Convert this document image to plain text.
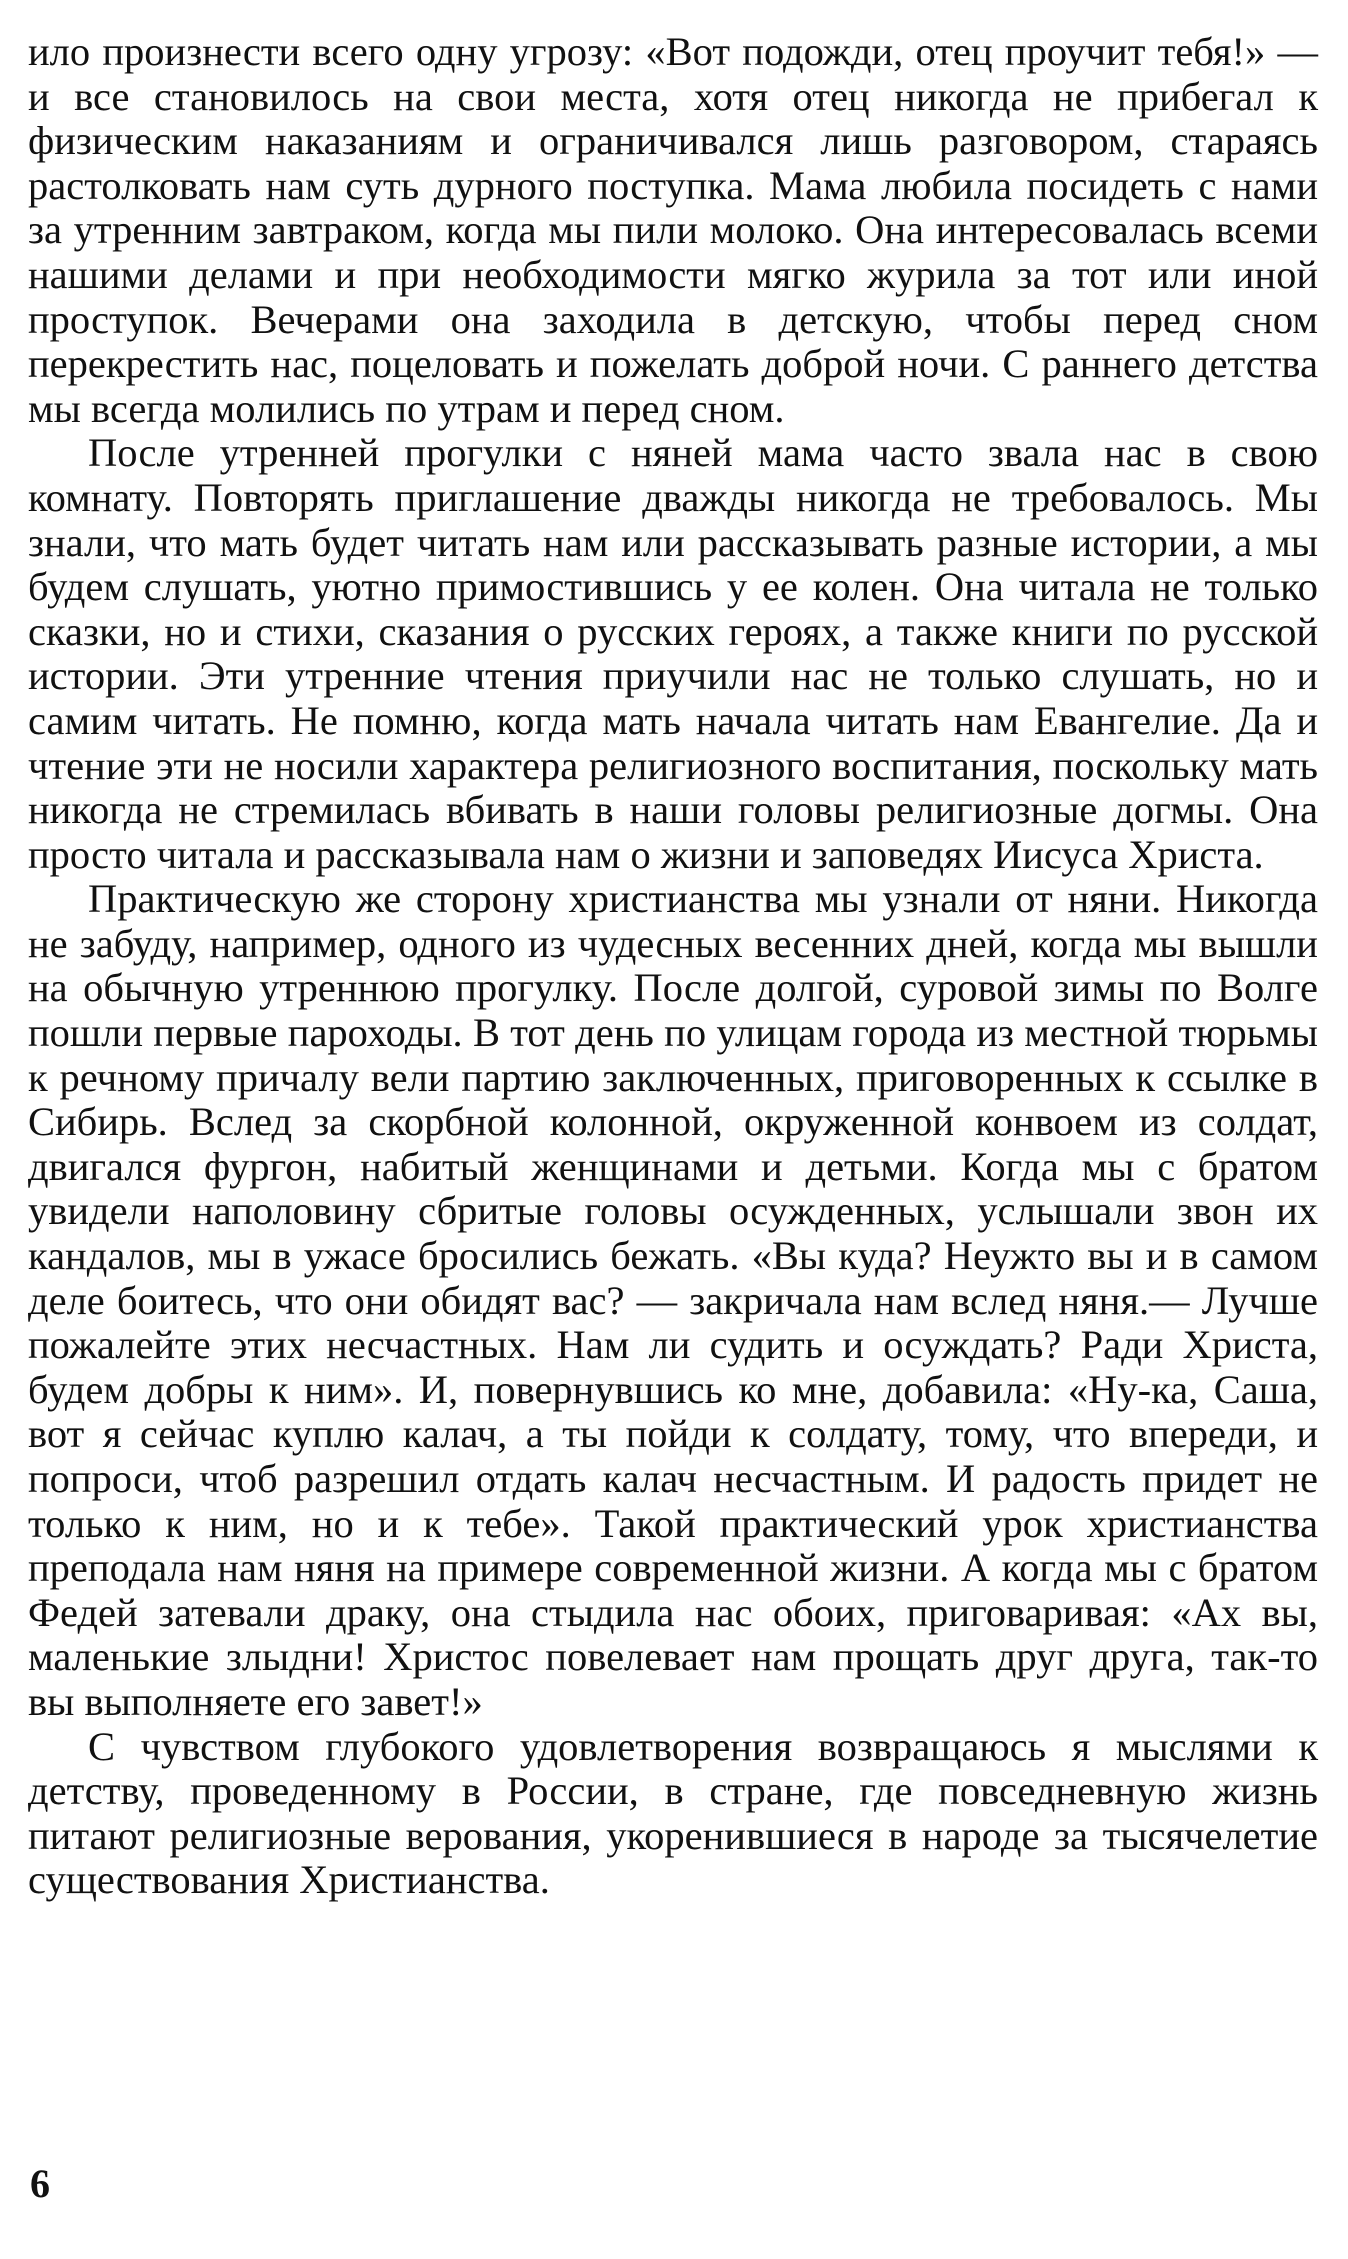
ило произнести всего одну угрозу: «Вот подожди, отец проучит тебя!» — и все становилось на свои места, хотя отец никогда не прибегал к физическим наказаниям и ограничивался лишь разговором, стараясь растолковать нам суть дурного поступка. Мама любила посидеть с нами за утренним завтраком, когда мы пили молоко. Она интересовалась всеми нашими делами и при необходимости мягко журила за тот или иной проступок. Вечерами она заходила в детскую, чтобы перед сном перекрестить нас, поцеловать и пожелать доброй ночи. С раннего детства мы всегда молились по утрам и перед сном.

После утренней прогулки с няней мама часто звала нас в свою комнату. Повторять приглашение дважды никогда не требовалось. Мы знали, что мать будет читать нам или рассказывать разные истории, а мы будем слушать, уютно примостившись у ее колен. Она читала не только сказки, но и стихи, сказания о русских героях, а также книги по русской истории. Эти утренние чтения приучили нас не только слушать, но и самим читать. Не помню, когда мать начала читать нам Евангелие. Да и чтение эти не носили характера религиозного воспитания, поскольку мать никогда не стремилась вбивать в наши головы религиозные догмы. Она просто читала и рассказывала нам о жизни и заповедях Иисуса Христа.

Практическую же сторону христианства мы узнали от няни. Никогда не забуду, например, одного из чудесных весенних дней, когда мы вышли на обычную утреннюю прогулку. После долгой, суровой зимы по Волге пошли первые пароходы. В тот день по улицам города из местной тюрьмы к речному причалу вели партию заключенных, приговоренных к ссылке в Сибирь. Вслед за скорбной колонной, окруженной конвоем из солдат, двигался фургон, набитый женщинами и детьми. Когда мы с братом увидели наполовину сбритые головы осужденных, услышали звон их кандалов, мы в ужасе бросились бежать. «Вы куда? Неужто вы и в самом деле боитесь, что они обидят вас? — закричала нам вслед няня.— Лучше пожалейте этих несчастных. Нам ли судить и осуждать? Ради Христа, будем добры к ним». И, повернувшись ко мне, добавила: «Ну-ка, Саша, вот я сейчас куплю калач, а ты пойди к солдату, тому, что впереди, и попроси, чтоб разрешил отдать калач несчастным. И радость придет не только к ним, но и к тебе». Такой практический урок христианства преподала нам няня на примере современной жизни. А когда мы с братом Федей затевали драку, она стыдила нас обоих, приговаривая: «Ах вы, маленькие злыдни! Христос повелевает нам прощать друг друга, так-то вы выполняете его завет!»

С чувством глубокого удовлетворения возвращаюсь я мыслями к детству, проведенному в России, в стране, где повседневную жизнь питают религиозные верования, укоренившиеся в народе за тысячелетие существования Христианства.

6
